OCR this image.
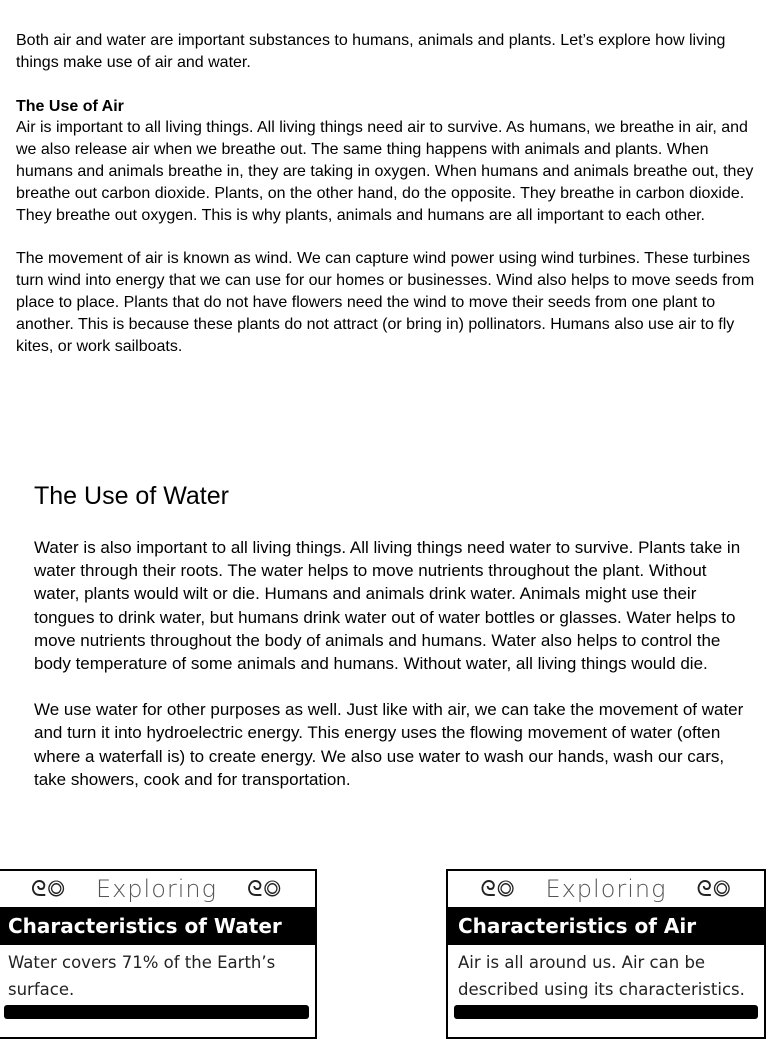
Both air and water are important substances to humans, animals and plants. Let’s explore how living things make use of air and water.

The Use of Air

Air is important to all living things. All living things need air to survive. As humans, we breathe in air, and we also release air when we breathe out. The same thing happens with animals and plants. When humans and animals breathe in, they are taking in oxygen. When humans and animals breathe out, they breathe out carbon dioxide. Plants, on the other hand, do the opposite. They breathe in carbon dioxide. They breathe out oxygen. This is why plants, animals and humans are all important to each other.

The movement of air is known as wind. We can capture wind power using wind turbines. These turbines turn wind into energy that we can use for our homes or businesses. Wind also helps to move seeds from place to place. Plants that do not have flowers need the wind to move their seeds from one plant to another. This is because these plants do not attract (or bring in) pollinators. Humans also use air to fly kites, or work sailboats.

The Use of Water

Water is also important to all living things. All living things need water to survive. Plants take in water through their roots. The water helps to move nutrients throughout the plant. Without water, plants would wilt or die. Humans and animals drink water. Animals might use their tongues to drink water, but humans drink water out of water bottles or glasses. Water helps to move nutrients throughout the body of animals and humans. Water also helps to control the body temperature of some animals and humans. Without water, all living things would die.

We use water for other purposes as well. Just like with air, we can take the movement of water and turn it into hydroelectric energy. This energy uses the flowing movement of water (often where a waterfall is) to create energy. We also use water to wash our hands, wash our cars, take showers, cook and for transportation.

ᘓ◎ Exploring ᘓ◎
Characteristics of Water
Water covers 71% of the Earth’s surface.
ᘓ◎ Exploring ᘓ◎
Characteristics of Air
Air is all around us. Air can be described using its characteristics.
